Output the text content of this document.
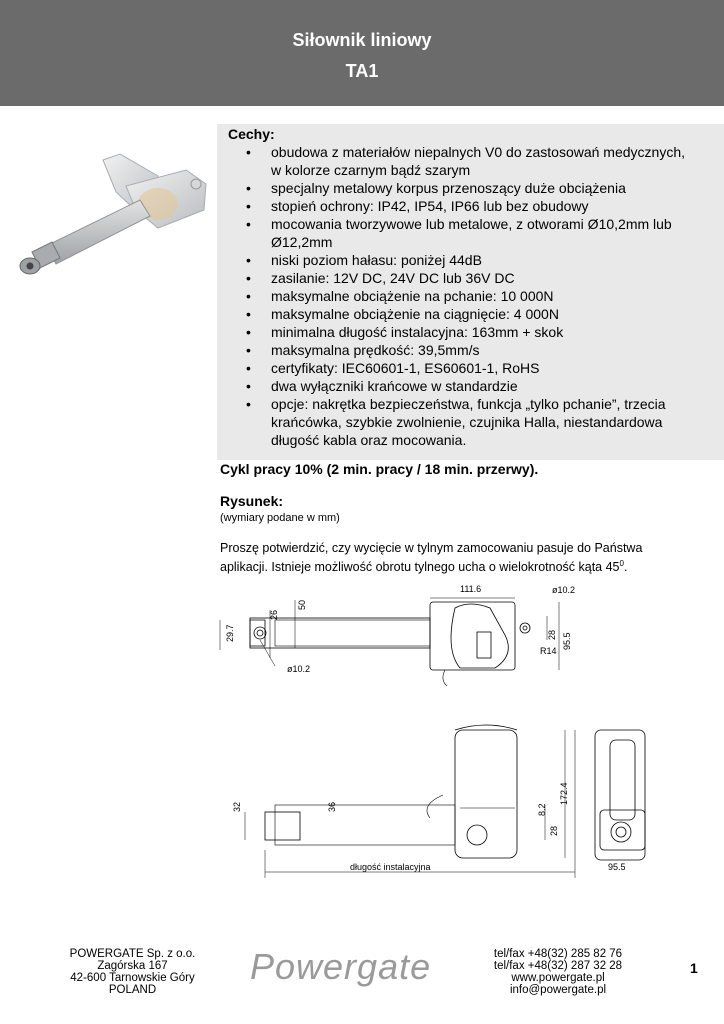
Siłownik liniowy
TA1
Cechy:
• obudowa z materiałów niepalnych V0 do zastosowań medycznych,
w kolorze czarnym bądź szarym
• specjalny metalowy korpus przenoszący duże obciążenia
• stopień ochrony: IP42, IP54, IP66 lub bez obudowy
• mocowania tworzywowe lub metalowe, z otworami Ø10,2mm lub
Ø12,2mm
• niski poziom hałasu: poniżej 44dB
• zasilanie: 12V DC, 24V DC lub 36V DC
• maksymalne obciążenie na pchanie: 10 000N
• maksymalne obciążenie na ciągnięcie: 4 000N
• minimalna długość instalacyjna: 163mm + skok
• maksymalna prędkość: 39,5mm/s
• certyfikaty: IEC60601-1, ES60601-1, RoHS
• dwa wyłączniki krańcowe w standardzie
• opcje: nakrętka bezpieczeństwa, funkcja „tylko pchanie”, trzecia
krańcówka, szybkie zwolnienie, czujnika Halla, niestandardowa
długość kabla oraz mocowania.
Cykl pracy 10% (2 min. pracy / 18 min. przerwy).
Rysunek:
(wymiary podane w mm)
Proszę potwierdzić, czy wycięcie w tylnym zamocowaniu pasuje do Państwa
aplikacji. Istnieje możliwość obrotu tylnego ucha o wielokrotność kąta $45^0$.
111.6	ø10.2
29.7
26
50
28 95.5
R14
ø10.2
32	36	8.2
28
172.4
długość instalacyjna	95.5
POWERGATE Sp. z o.o.
Zagórska 167
42-600 Tarnowskie Góry
POLAND
Powergate	tel/fax +48(32) 285 82 76
tel/fax +48(32) 287 32 28
www.powergate.pl
info@powergate.pl
1
